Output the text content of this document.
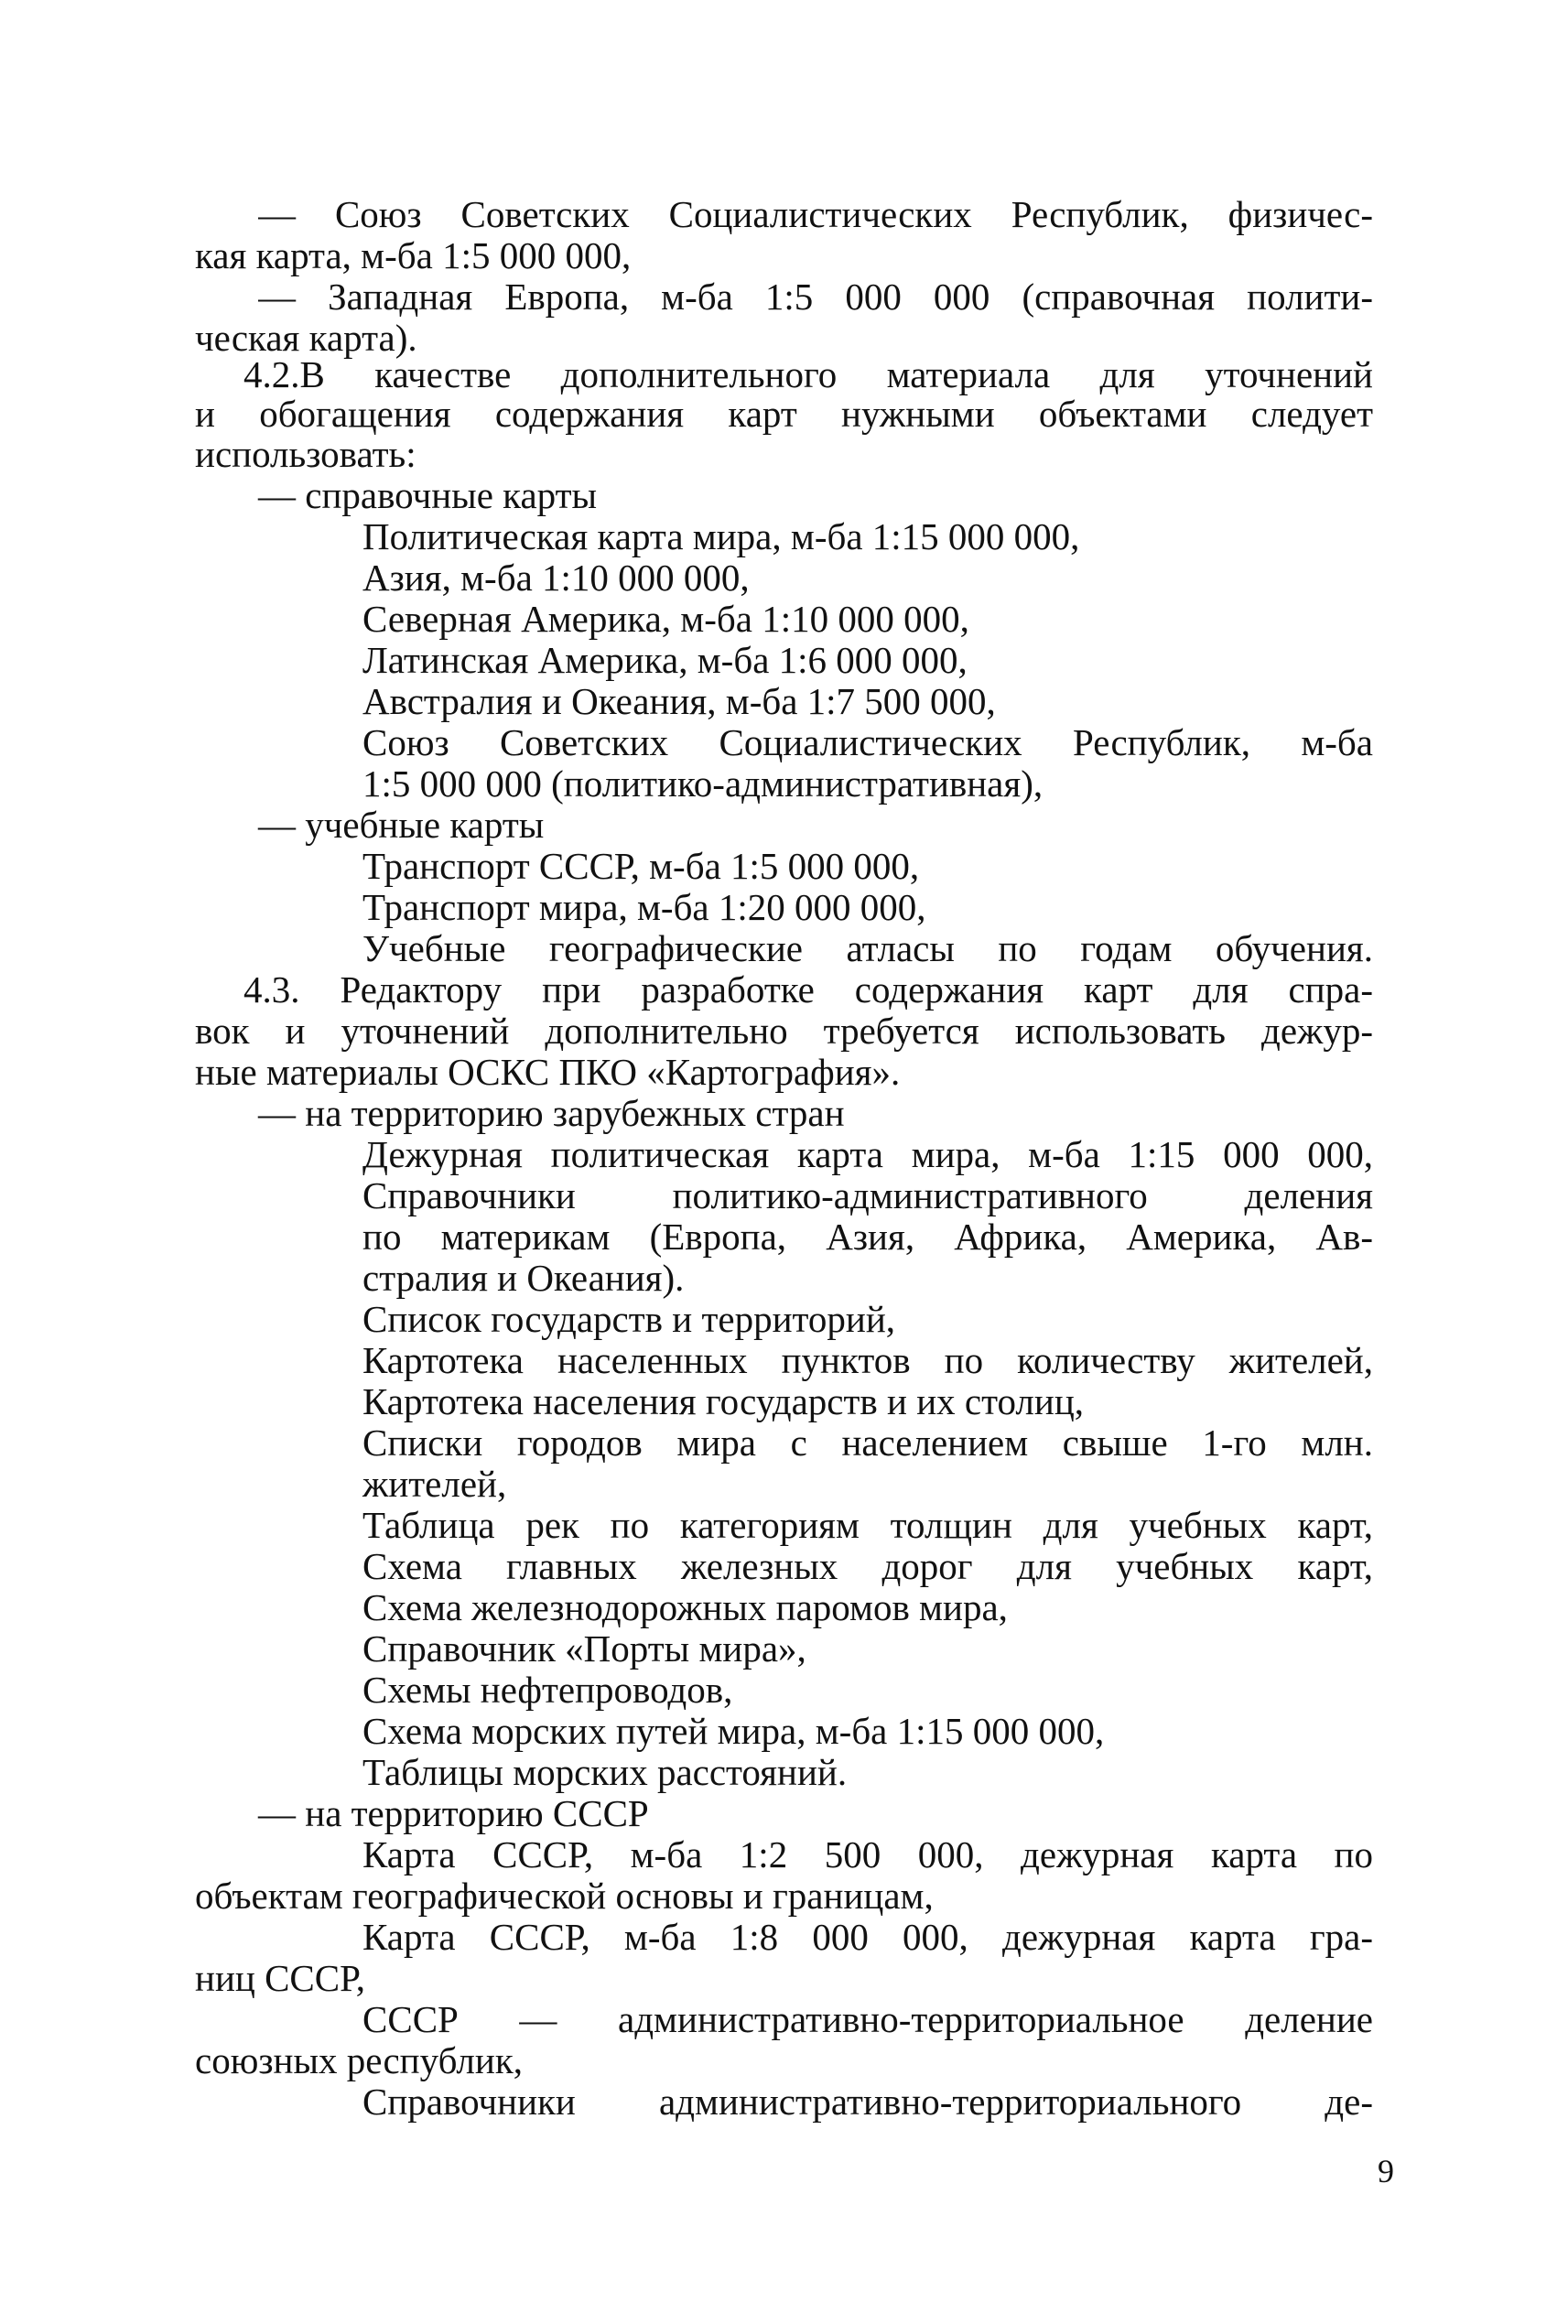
— Союз Советских Социалистических Республик, физичес-
кая карта, м-ба 1:5 000 000,
— Западная Европа, м-ба 1:5 000 000 (справочная полити-
ческая карта).
4.2.В качестве дополнительного материала для уточнений
и обогащения содержания карт нужными объектами следует
использовать:
— справочные карты
Политическая карта мира, м-ба 1:15 000 000,
Азия, м-ба 1:10 000 000,
Северная Америка, м-ба 1:10 000 000,
Латинская Америка, м-ба 1:6 000 000,
Австралия и Океания, м-ба 1:7 500 000,
Союз Советских Социалистических Республик, м-ба
1:5 000 000 (политико-административная),
— учебные карты
Транспорт СССР, м-ба 1:5 000 000,
Транспорт мира, м-ба 1:20 000 000,
Учебные географические атласы по годам обучения.
4.3. Редактору при разработке содержания карт для спра-
вок и уточнений дополнительно требуется использовать дежур-
ные материалы ОСКС ПКО «Картография».
— на территорию зарубежных стран
Дежурная политическая карта мира, м-ба 1:15 000 000,
Справочники политико-административного деления
по материкам (Европа, Азия, Африка, Америка, Ав-
стралия и Океания).
Список государств и территорий,
Картотека населенных пунктов по количеству жителей,
Картотека населения государств и их столиц,
Списки городов мира с населением свыше 1-го млн.
жителей,
Таблица рек по категориям толщин для учебных карт,
Схема главных железных дорог для учебных карт,
Схема железнодорожных паромов мира,
Справочник «Порты мира»,
Схемы нефтепроводов,
Схема морских путей мира, м-ба 1:15 000 000,
Таблицы морских расстояний.
— на территорию СССР
Карта СССР, м-ба 1:2 500 000, дежурная карта по
объектам географической основы и границам,
Карта СССР, м-ба 1:8 000 000, дежурная карта гра-
ниц СССР,
СССР — административно-территориальное деление
союзных республик,
Справочники административно-территориального де-
9
